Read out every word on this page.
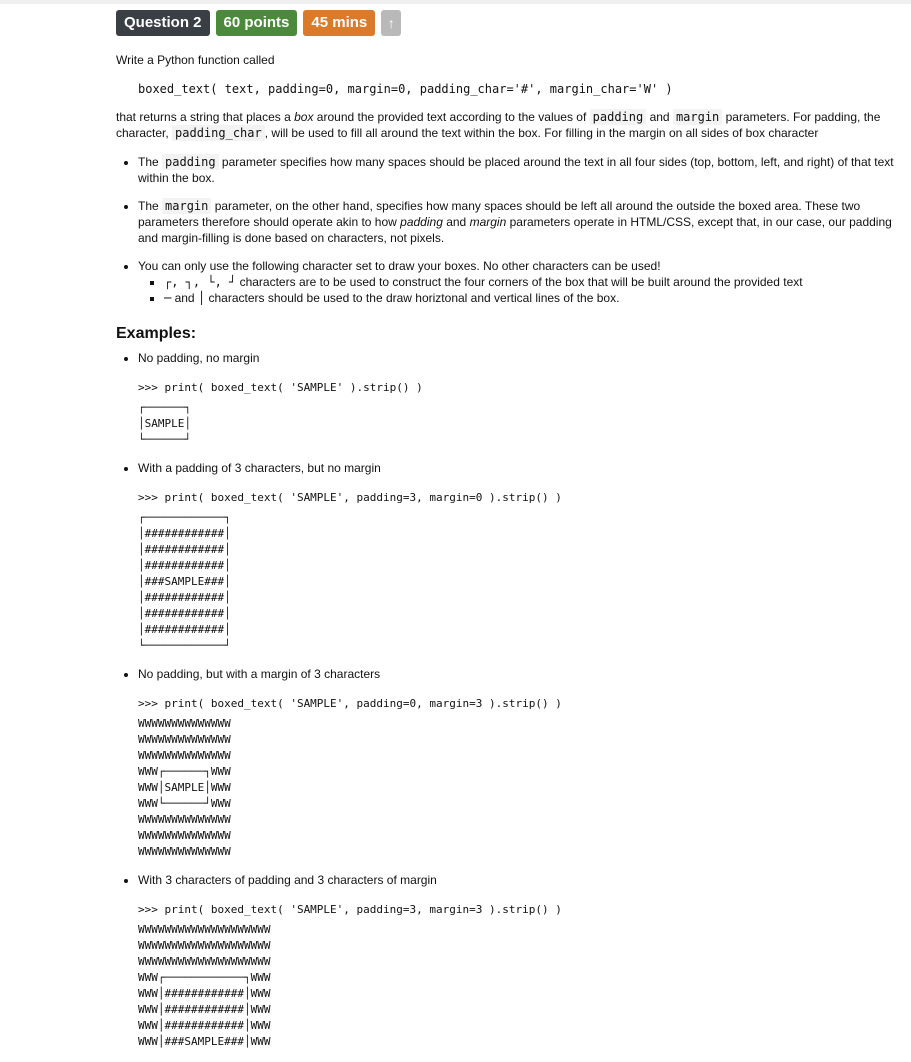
Question 2	60 points	45 mins	↑

Write a Python function called

boxed_text( text, padding=0, margin=0, padding_char='#', margin_char='W' )

that returns a string that places a box around the provided text according to the values of padding and margin parameters. For padding, the character, padding_char , will be used to fill all around the text within the box. For filling in the margin on all sides of box character

• The padding parameter specifies how many spaces should be placed around the text in all four sides (top, bottom, left, and right) of that text within the box.
• The margin parameter, on the other hand, specifies how many spaces should be left all around the outside the boxed area. These two parameters therefore should operate akin to how padding and margin parameters operate in HTML/CSS, except that, in our case, our padding and margin-filling is done based on characters, not pixels.
• You can only use the following character set to draw your boxes. No other characters can be used!
▪ ┌, ┐, └, ┘ characters are to be used to construct the four corners of the box that will be built around the provided text
▪ ─ and │ characters should be used to the draw horiztonal and vertical lines of the box.
Examples:
• No padding, no margin
>>> print( boxed_text( 'SAMPLE' ).strip() )
┌──────┐
│SAMPLE│
└──────┘
• With a padding of 3 characters, but no margin
>>> print( boxed_text( 'SAMPLE', padding=3, margin=0 ).strip() )
┌────────────┐
│############│
│############│
│############│
│###SAMPLE###│
│############│
│############│
│############│
└────────────┘
• No padding, but with a margin of 3 characters
>>> print( boxed_text( 'SAMPLE', padding=0, margin=3 ).strip() )
WWWWWWWWWWWWWW
WWWWWWWWWWWWWW
WWWWWWWWWWWWWW
WWW┌──────┐WWW
WWW│SAMPLE│WWW
WWW└──────┘WWW
WWWWWWWWWWWWWW
WWWWWWWWWWWWWW
WWWWWWWWWWWWWW
• With 3 characters of padding and 3 characters of margin
>>> print( boxed_text( 'SAMPLE', padding=3, margin=3 ).strip() )
WWWWWWWWWWWWWWWWWWWW
WWWWWWWWWWWWWWWWWWWW
WWWWWWWWWWWWWWWWWWWW
WWW┌────────────┐WWW
WWW│############│WWW
WWW│############│WWW
WWW│############│WWW
WWW│###SAMPLE###│WWW
